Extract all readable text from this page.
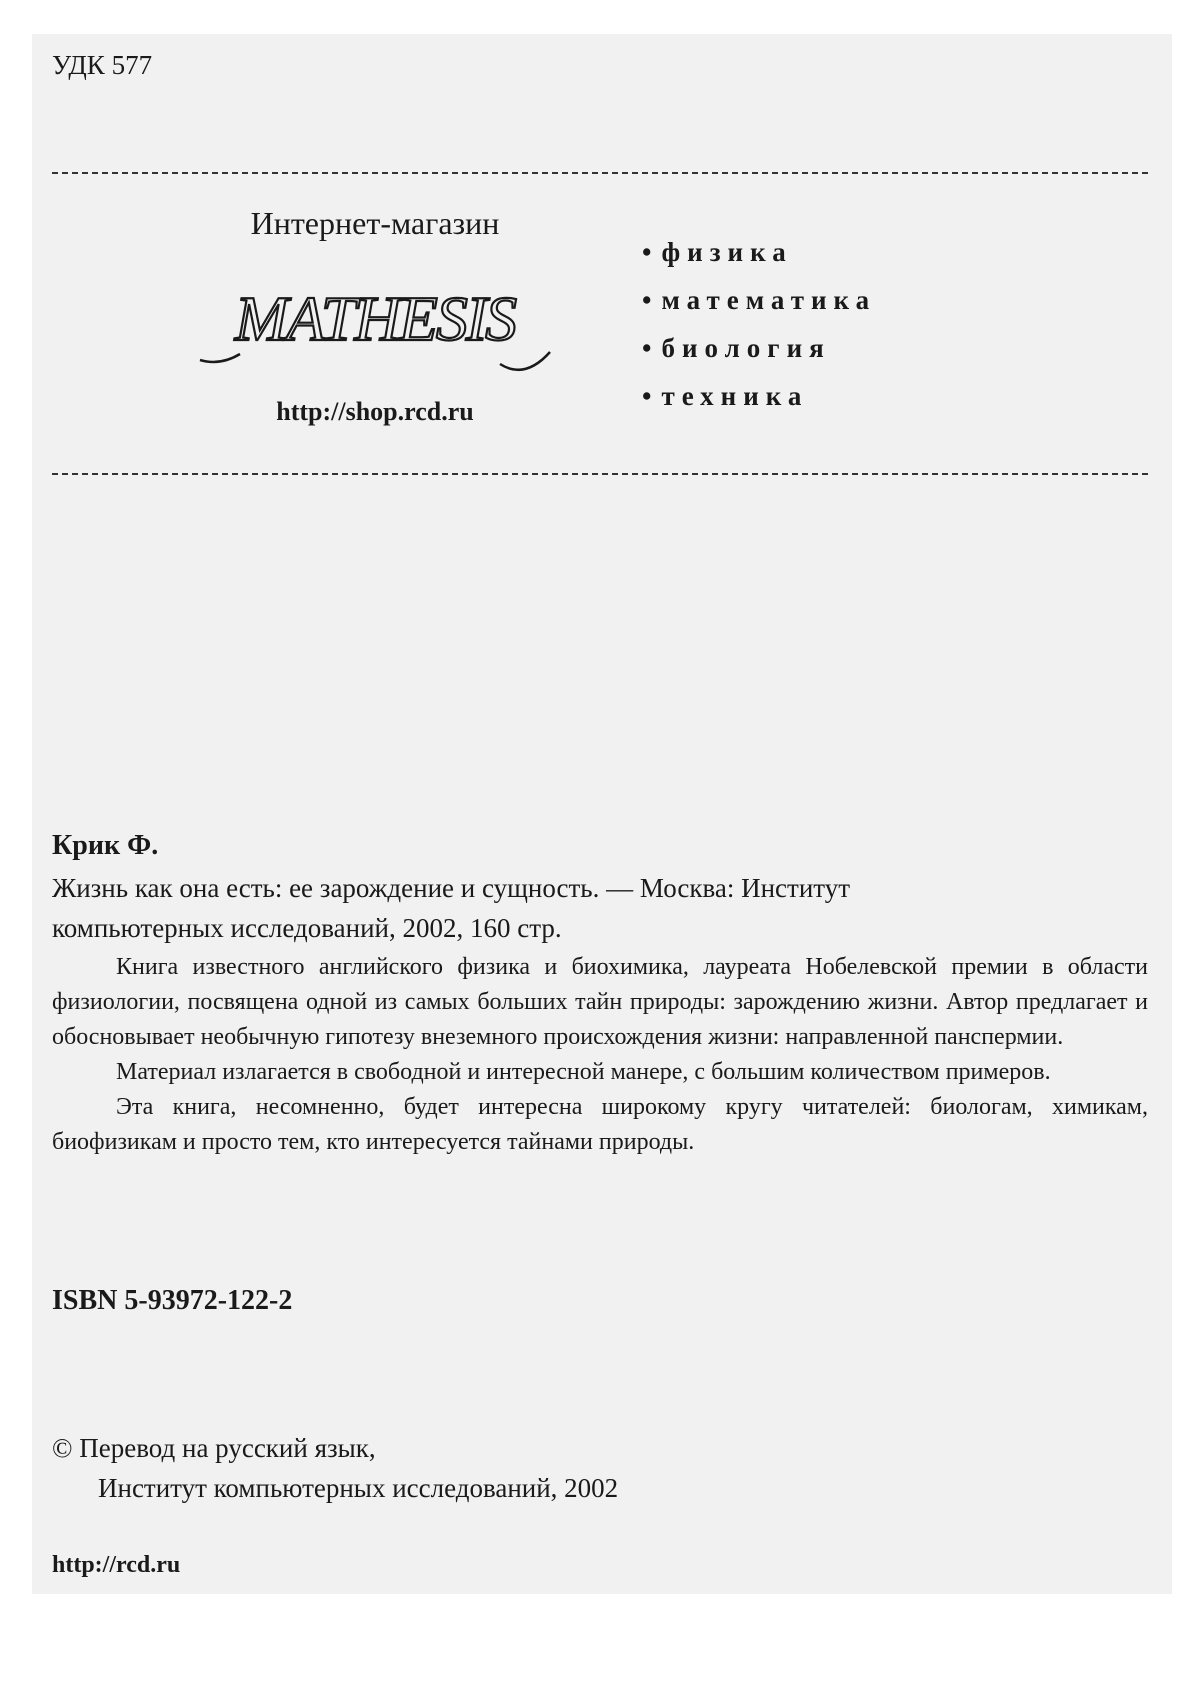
УДК 577
Интернет-магазин
MATHESIS
http://shop.rcd.ru
• физика
• математика
• биология
• техника
Крик Ф.
Жизнь как она есть: ее зарождение и сущность. — Москва: Институт
компьютерных исследований, 2002, 160 стр.

Книга известного английского физика и биохимика, лауреата Нобелевской премии в области физиологии, посвящена одной из самых больших тайн природы: зарождению жизни. Автор предлагает и обосновывает необычную гипотезу внеземного происхождения жизни: направленной панспермии.

Материал излагается в свободной и интересной манере, с большим количеством примеров.

Эта книга, несомненно, будет интересна широкому кругу читателей: биологам, химикам, биофизикам и просто тем, кто интересуется тайнами природы.

ISBN 5-93972-122-2
© Перевод на русский язык,
Институт компьютерных исследований, 2002
http://rcd.ru
